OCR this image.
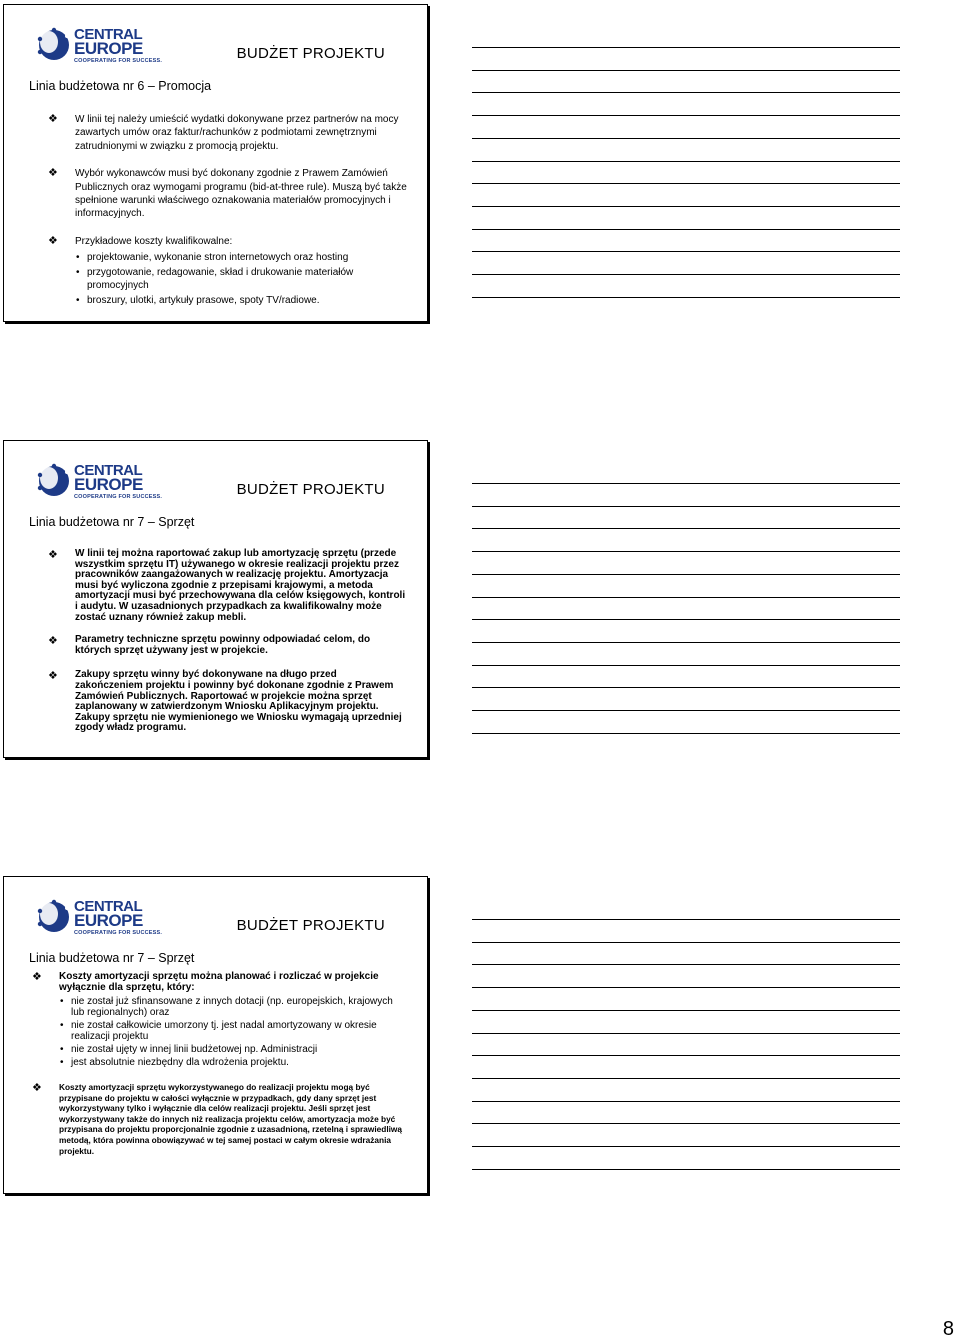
CENTRAL
EUROPE
COOPERATING FOR SUCCESS.	BUDŻET PROJEKTU
Linia budżetowa nr 6 – Promocja
❖ W linii tej należy umieścić wydatki dokonywane przez partnerów na mocy zawartych umów oraz faktur/rachunków z podmiotami zewnętrznymi zatrudnionymi w związku z promocją projektu.
❖ Wybór wykonawców musi być dokonany zgodnie z Prawem Zamówień Publicznych oraz wymogami programu (bid-at-three rule). Muszą być także spełnione warunki właściwego oznakowania materiałów promocyjnych i informacyjnych.
❖ Przykładowe koszty kwalifikowalne:
• projektowanie, wykonanie stron internetowych oraz hosting
• przygotowanie, redagowanie, skład i drukowanie materiałów promocyjnych
• broszury, ulotki, artykuły prasowe, spoty TV/radiowe.
CENTRAL
EUROPE
COOPERATING FOR SUCCESS.	BUDŻET PROJEKTU
Linia budżetowa nr 7 – Sprzęt
❖ W linii tej można raportować zakup lub amortyzację sprzętu (przede wszystkim sprzętu IT) używanego w okresie realizacji projektu przez pracowników zaangażowanych w realizację projektu. Amortyzacja musi być wyliczona zgodnie z przepisami krajowymi, a metoda amortyzacji musi być przechowywana dla celów księgowych, kontroli i audytu. W uzasadnionych przypadkach za kwalifikowalny może zostać uznany również zakup mebli.
❖ Parametry techniczne sprzętu powinny odpowiadać celom, do których sprzęt używany jest w projekcie.
❖ Zakupy sprzętu winny być dokonywane na długo przed zakończeniem projektu i powinny być dokonane zgodnie z Prawem Zamówień Publicznych. Raportować w projekcie można sprzęt zaplanowany w zatwierdzonym Wniosku Aplikacyjnym projektu. Zakupy sprzętu nie wymienionego we Wniosku wymagają uprzedniej zgody władz programu.
CENTRAL
EUROPE
COOPERATING FOR SUCCESS.	BUDŻET PROJEKTU
Linia budżetowa nr 7 – Sprzęt
❖ Koszty amortyzacji sprzętu można planować i rozliczać w projekcie wyłącznie dla sprzętu, który:
• nie został już sfinansowane z innych dotacji (np. europejskich, krajowych lub regionalnych) oraz
• nie został całkowicie umorzony tj. jest nadal amortyzowany w okresie realizacji projektu
• nie został ujęty w innej linii budżetowej np. Administracji
• jest absolutnie niezbędny dla wdrożenia projektu.
❖ Koszty amortyzacji sprzętu wykorzystywanego do realizacji projektu mogą być przypisane do projektu w całości wyłącznie w przypadkach, gdy dany sprzęt jest wykorzystywany tylko i wyłącznie dla celów realizacji projektu. Jeśli sprzęt jest wykorzystywany także do innych niż realizacja projektu celów, amortyzacja może być przypisana do projektu proporcjonalnie zgodnie z uzasadnioną, rzetelną i sprawiedliwą metodą, która powinna obowiązywać w tej samej postaci w całym okresie wdrażania projektu.
8
